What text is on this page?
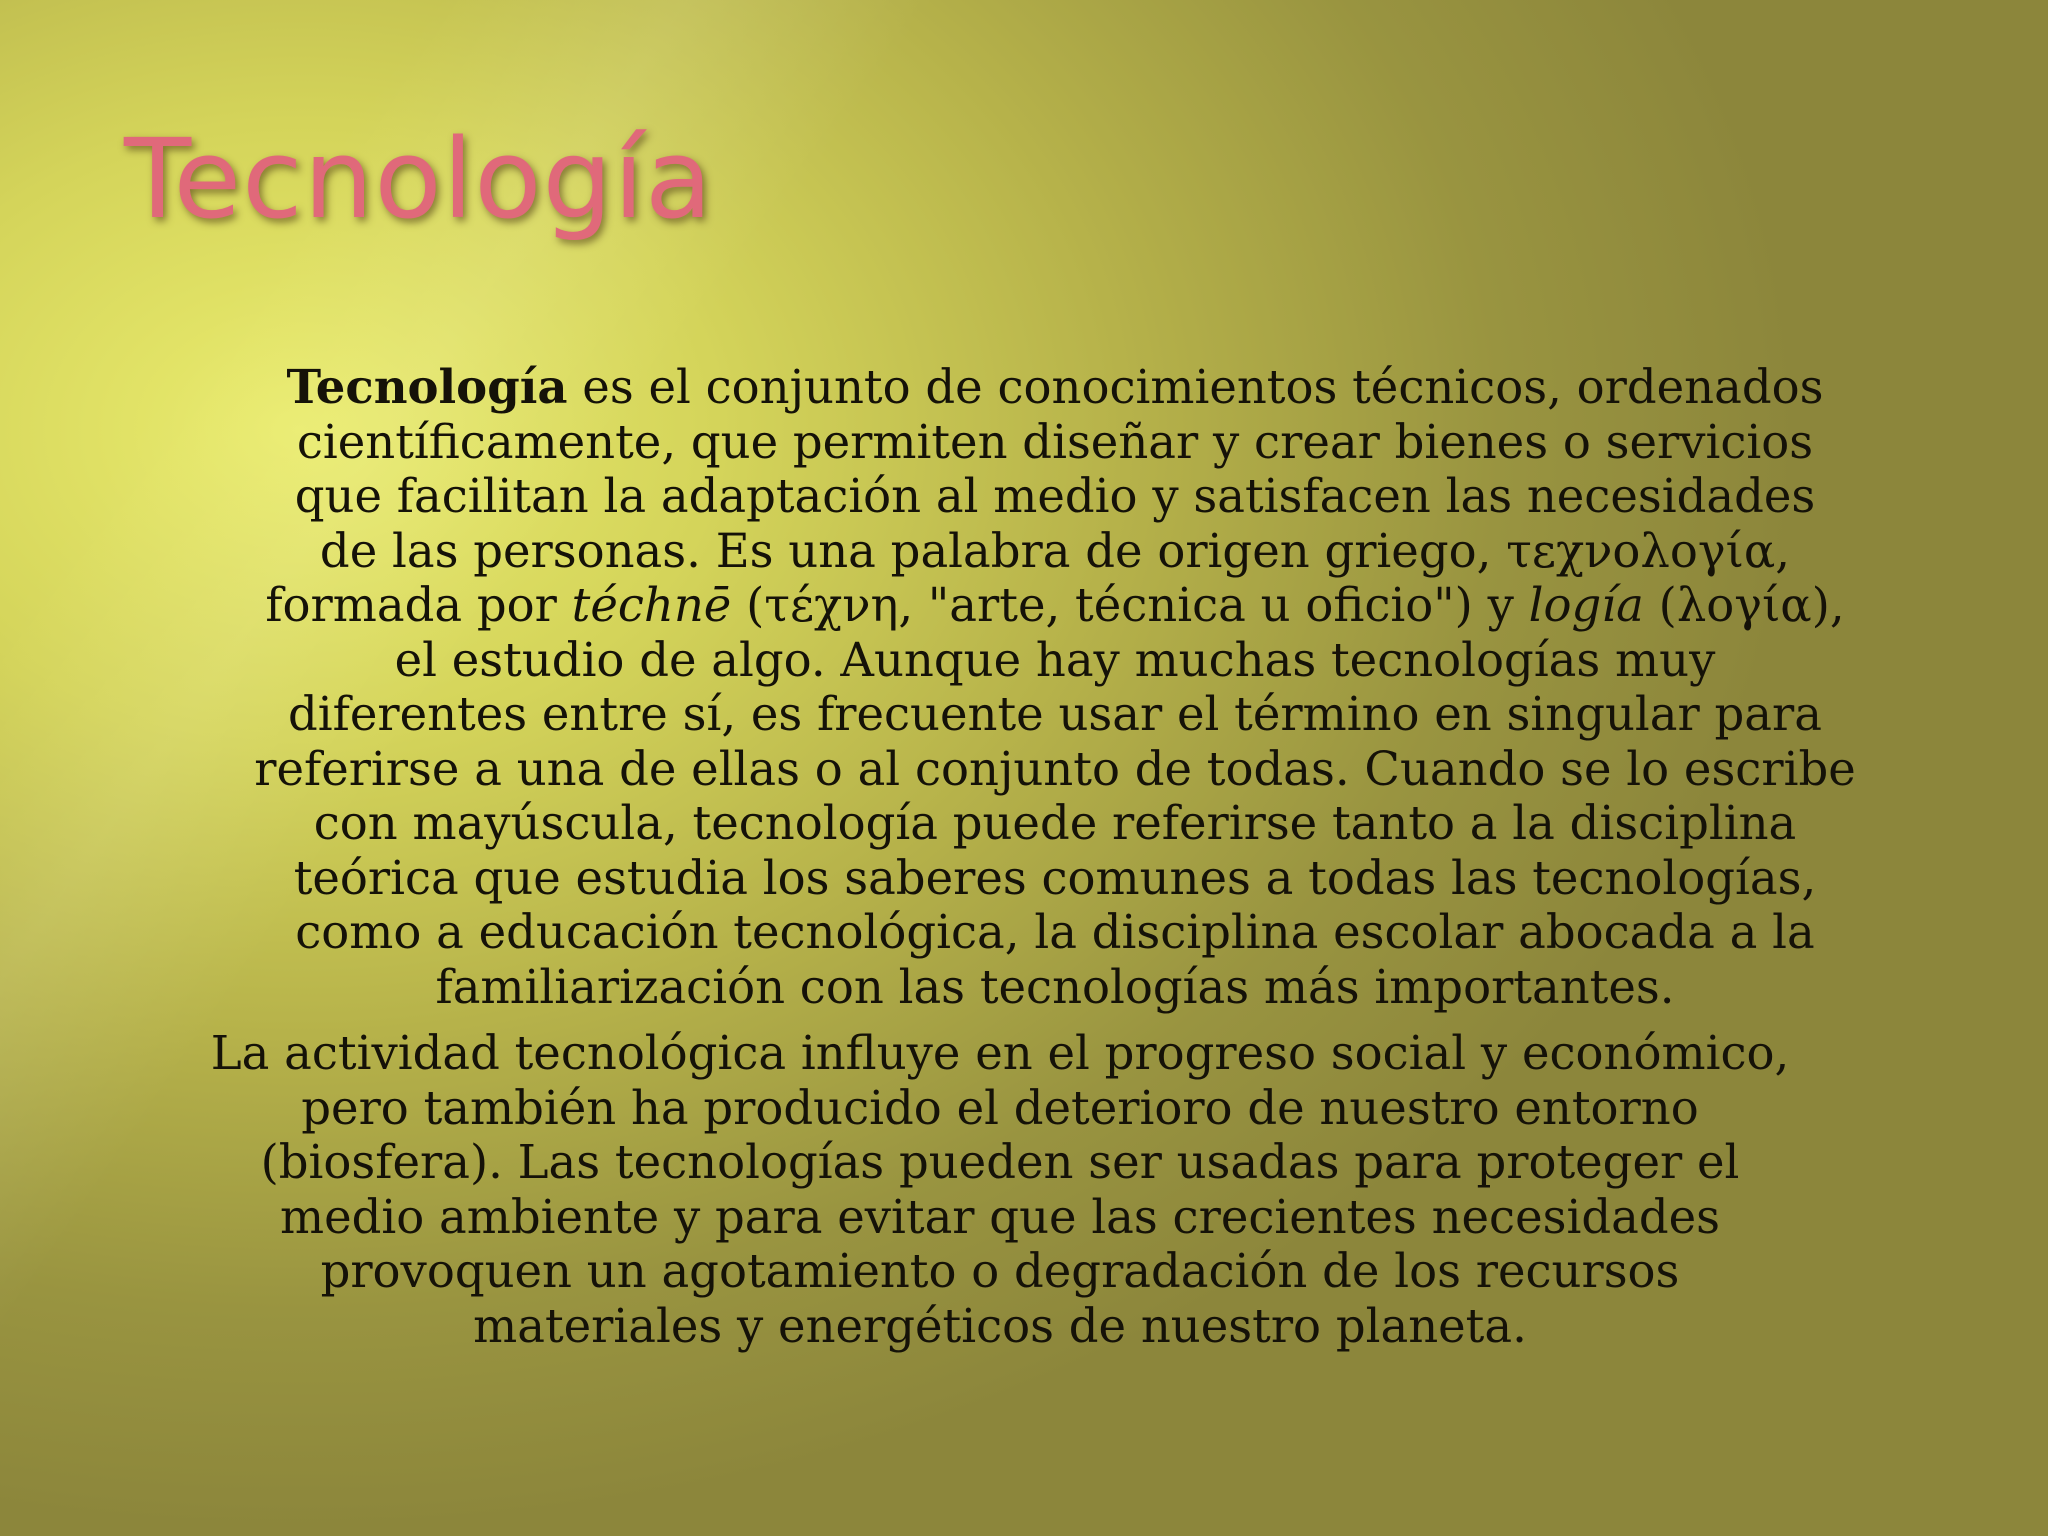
Tecnología

Tecnología es el conjunto de conocimientos técnicos, ordenados
científicamente, que permiten diseñar y crear bienes o servicios
que facilitan la adaptación al medio y satisfacen las necesidades
de las personas. Es una palabra de origen griego, τεχνολογία,
formada por téchnē (τέχνη, "arte, técnica u oficio") y logía (λογία),
el estudio de algo. Aunque hay muchas tecnologías muy
diferentes entre sí, es frecuente usar el término en singular para
referirse a una de ellas o al conjunto de todas. Cuando se lo escribe
con mayúscula, tecnología puede referirse tanto a la disciplina
teórica que estudia los saberes comunes a todas las tecnologías,
como a educación tecnológica, la disciplina escolar abocada a la
familiarización con las tecnologías más importantes.

La actividad tecnológica influye en el progreso social y económico,
pero también ha producido el deterioro de nuestro entorno
(biosfera). Las tecnologías pueden ser usadas para proteger el
medio ambiente y para evitar que las crecientes necesidades
provoquen un agotamiento o degradación de los recursos
materiales y energéticos de nuestro planeta.
